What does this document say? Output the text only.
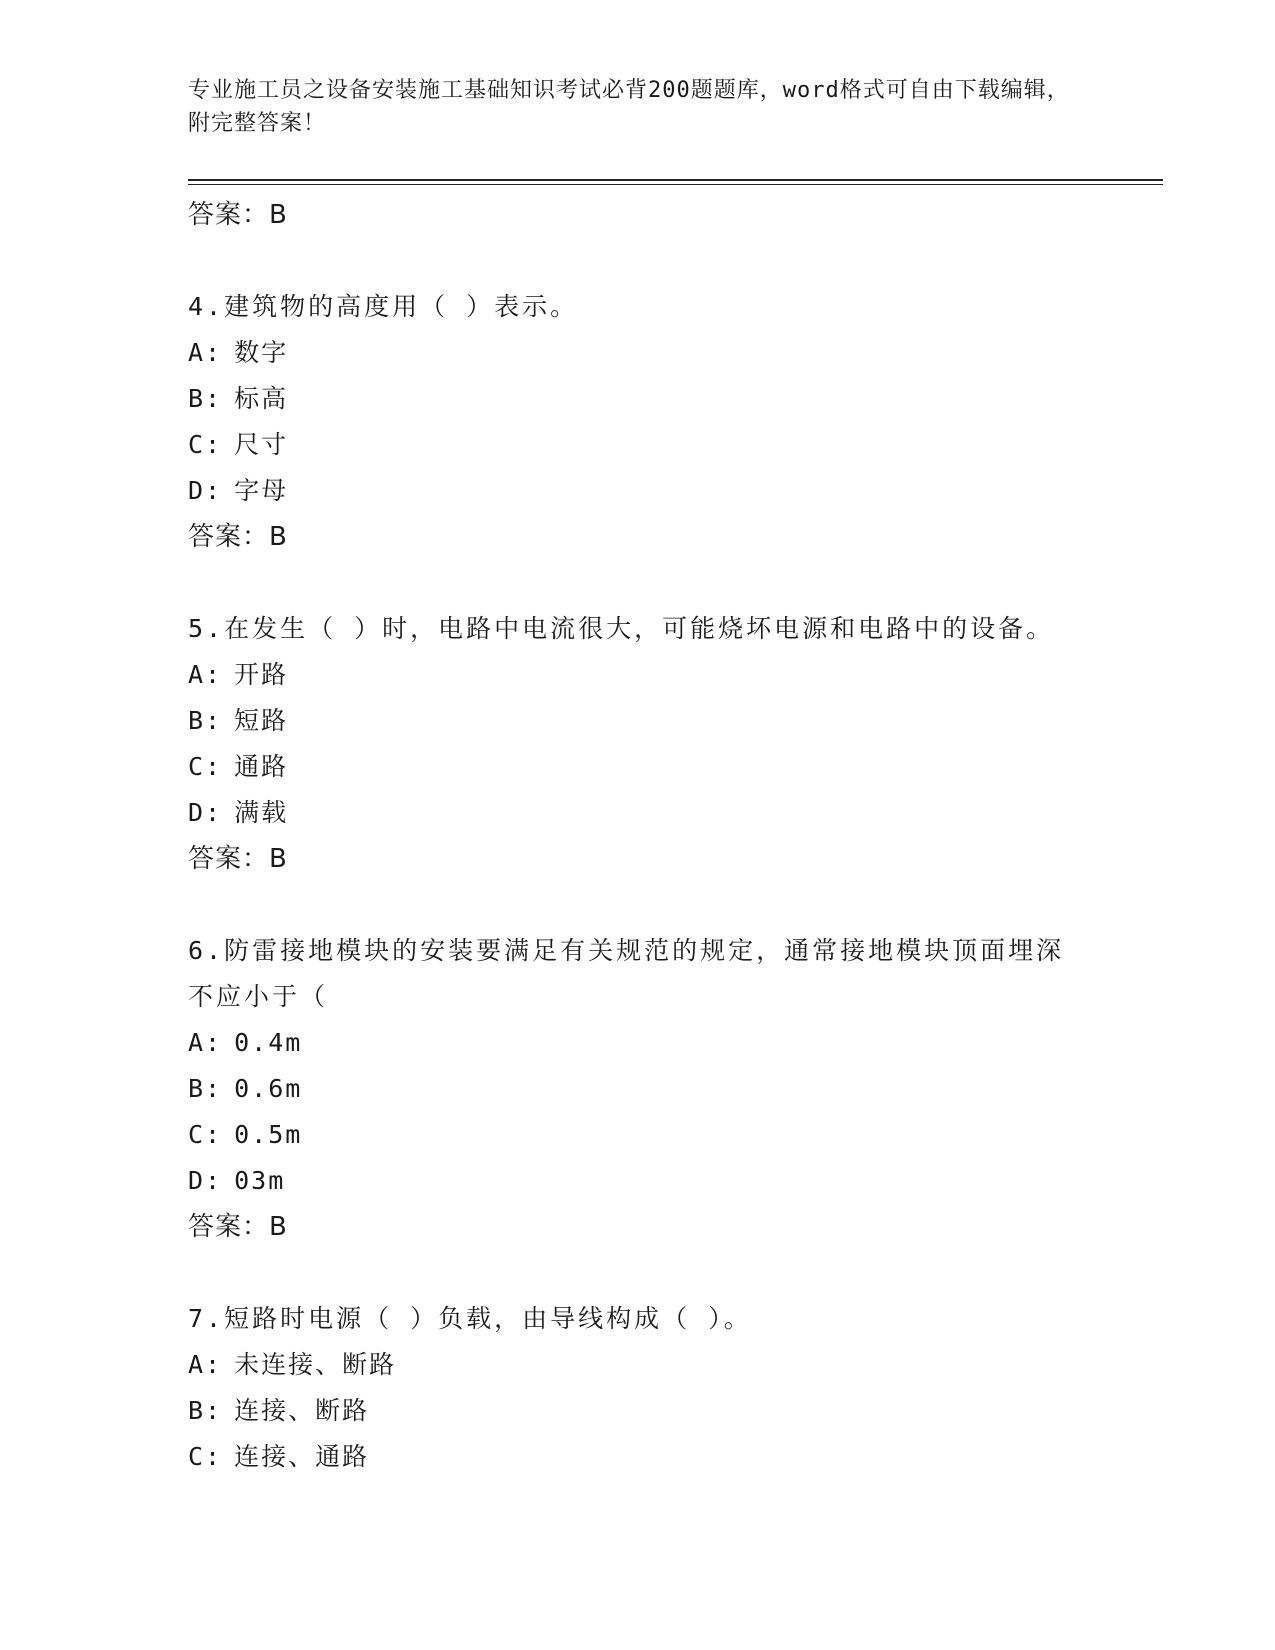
专业施工员之设备安装施工基础知识考试必背200题题库，word格式可自由下载编辑，附完整答案！
答案：B
4.建筑物的高度用（ ）表示。
A: 数字
B: 标高
C: 尺寸
D: 字母
答案：B
5.在发生（ ）时，电路中电流很大，可能烧坏电源和电路中的设备。
A: 开路
B: 短路
C: 通路
D: 满载
答案：B
6.防雷接地模块的安装要满足有关规范的规定，通常接地模块顶面埋深不应小于（
A: 0.4m
B: 0.6m
C: 0.5m
D: 03m
答案：B
7.短路时电源（ ）负载，由导线构成（ ）。
A: 未连接、断路
B: 连接、断路
C: 连接、通路
